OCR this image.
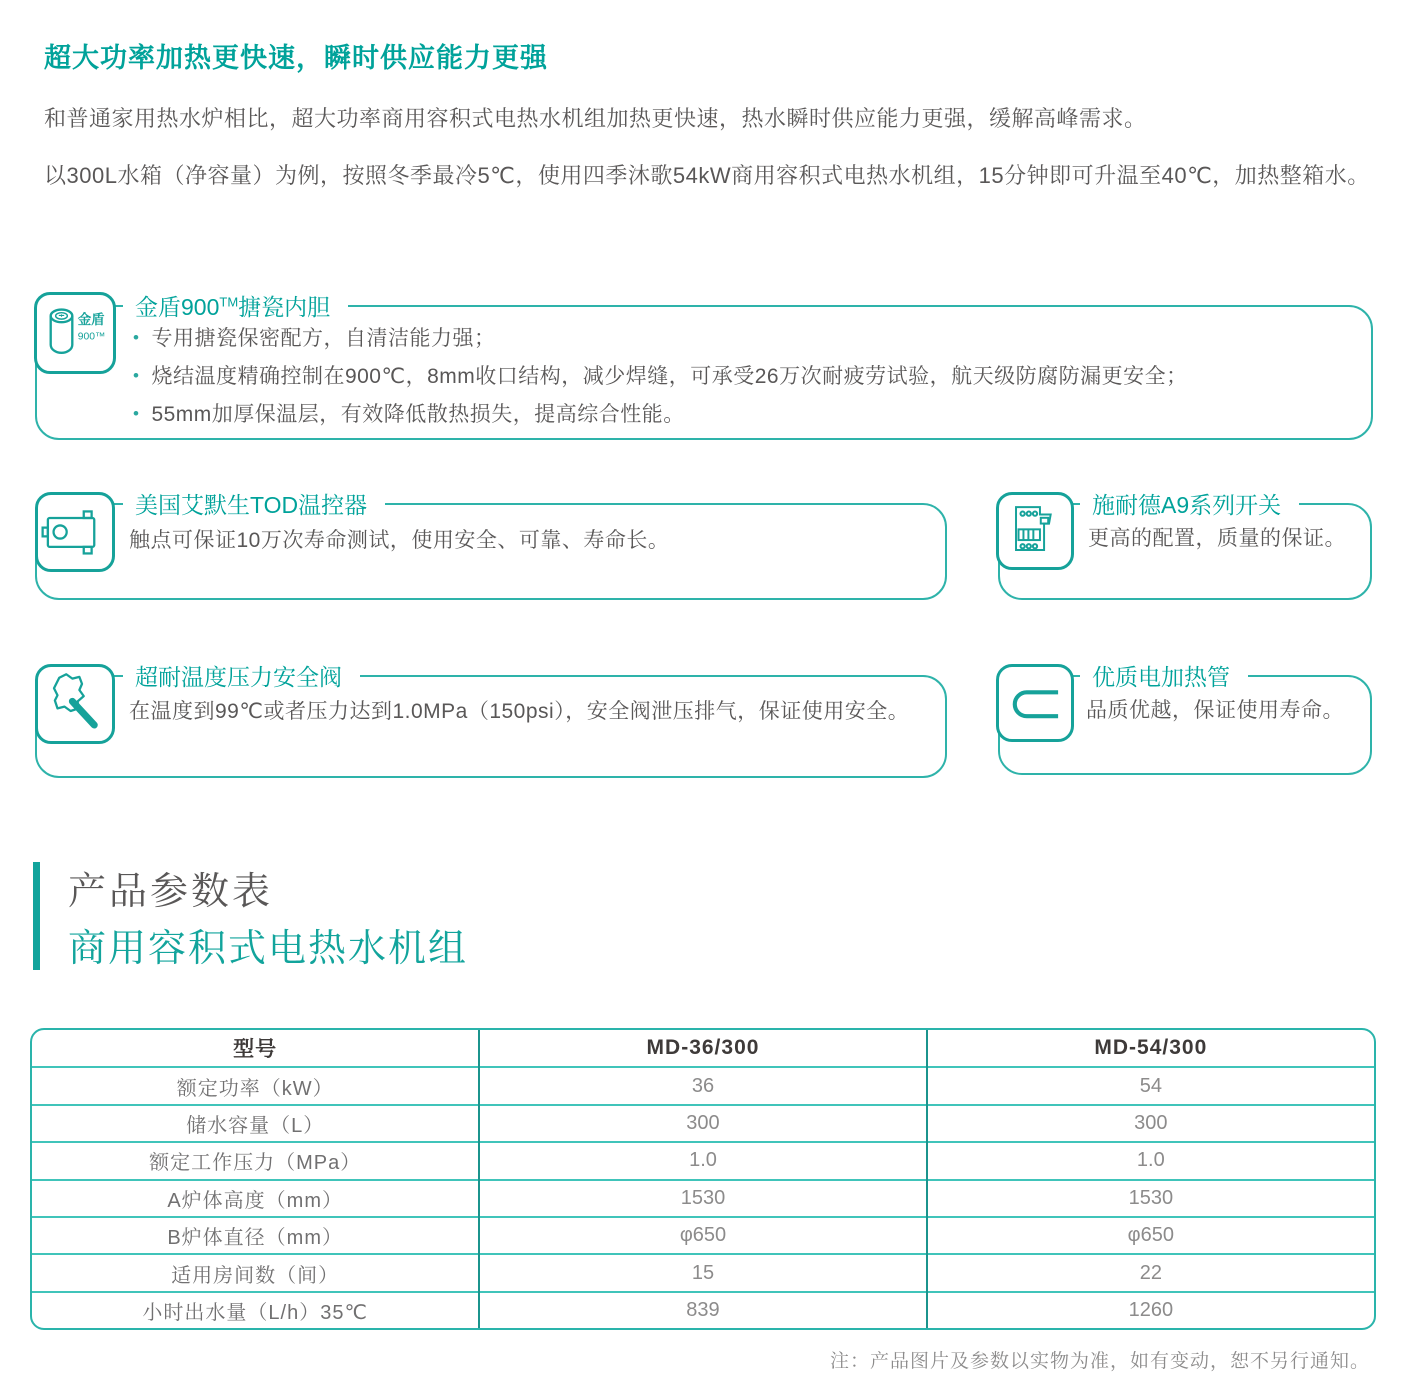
超大功率加热更快速，瞬时供应能力更强
和普通家用热水炉相比，超大功率商用容积式电热水机组加热更快速，热水瞬时供应能力更强，缓解高峰需求。
以300L水箱（净容量）为例，按照冬季最冷5℃，使用四季沐歌54kW商用容积式电热水机组，15分钟即可升温至40℃，加热整箱水。
金盾
900™
金盾900™搪瓷内胆
• 专用搪瓷保密配方，自清洁能力强；
• 烧结温度精确控制在900℃，8mm收口结构，减少焊缝，可承受26万次耐疲劳试验，航天级防腐防漏更安全；
• 55mm加厚保温层，有效降低散热损失，提高综合性能。
美国艾默生TOD温控器
触点可保证10万次寿命测试，使用安全、可靠、寿命长。
施耐德A9系列开关
更高的配置，质量的保证。
超耐温度压力安全阀
在温度到99℃或者压力达到1.0MPa（150psi），安全阀泄压排气，保证使用安全。
优质电加热管
品质优越，保证使用寿命。
产品参数表
商用容积式电热水机组
型号	MD-36/300	MD-54/300
额定功率（kW）	36	54
储水容量（L）	300	300
额定工作压力（MPa）	1.0	1.0
A炉体高度（mm）	1530	1530
B炉体直径（mm）	φ650	φ650
适用房间数（间）	15	22
小时出水量（L/h）35℃	839	1260
注：产品图片及参数以实物为准，如有变动，恕不另行通知。
